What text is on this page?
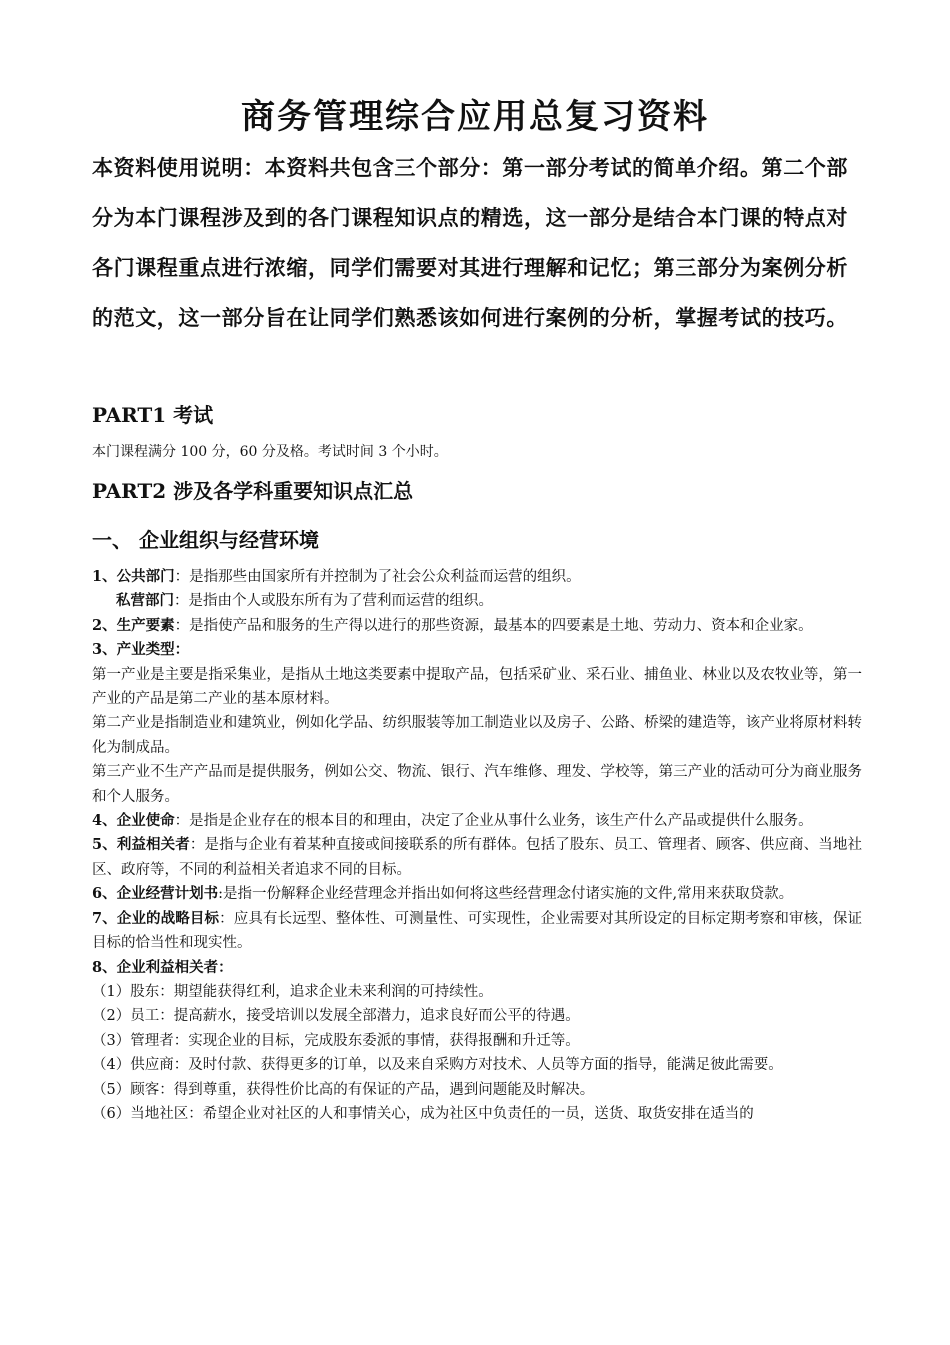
商务管理综合应用总复习资料
本资料使用说明：本资料共包含三个部分：第一部分考试的简单介绍。第二个部分为本门课程涉及到的各门课程知识点的精选，这一部分是结合本门课的特点对各门课程重点进行浓缩，同学们需要对其进行理解和记忆；第三部分为案例分析的范文，这一部分旨在让同学们熟悉该如何进行案例的分析，掌握考试的技巧。
PART1 考试
本门课程满分 100 分，60 分及格。考试时间 3 个小时。
PART2 涉及各学科重要知识点汇总
一、 企业组织与经营环境
1、公共部门：是指那些由国家所有并控制为了社会公众利益而运营的组织。
私营部门：是指由个人或股东所有为了营利而运营的组织。
2、生产要素：是指使产品和服务的生产得以进行的那些资源，最基本的四要素是土地、劳动力、资本和企业家。
3、产业类型：
第一产业是主要是指采集业，是指从土地这类要素中提取产品，包括采矿业、采石业、捕鱼业、林业以及农牧业等，第一产业的产品是第二产业的基本原材料。
第二产业是指制造业和建筑业，例如化学品、纺织服装等加工制造业以及房子、公路、桥梁的建造等，该产业将原材料转化为制成品。
第三产业不生产产品而是提供服务，例如公交、物流、银行、汽车维修、理发、学校等，第三产业的活动可分为商业服务和个人服务。
4、企业使命：是指是企业存在的根本目的和理由，决定了企业从事什么业务，该生产什么产品或提供什么服务。
5、利益相关者：是指与企业有着某种直接或间接联系的所有群体。包括了股东、员工、管理者、顾客、供应商、当地社区、政府等，不同的利益相关者追求不同的目标。
6、企业经营计划书:是指一份解释企业经营理念并指出如何将这些经营理念付诸实施的文件,常用来获取贷款。
7、企业的战略目标：应具有长远型、整体性、可测量性、可实现性，企业需要对其所设定的目标定期考察和审核，保证目标的恰当性和现实性。
8、企业利益相关者：
（1）股东：期望能获得红利，追求企业未来利润的可持续性。
（2）员工：提高薪水，接受培训以发展全部潜力，追求良好而公平的待遇。
（3）管理者：实现企业的目标，完成股东委派的事情，获得报酬和升迁等。
（4）供应商：及时付款、获得更多的订单，以及来自采购方对技术、人员等方面的指导，能满足彼此需要。
（5）顾客：得到尊重，获得性价比高的有保证的产品，遇到问题能及时解决。
（6）当地社区：希望企业对社区的人和事情关心，成为社区中负责任的一员，送货、取货安排在适当的
